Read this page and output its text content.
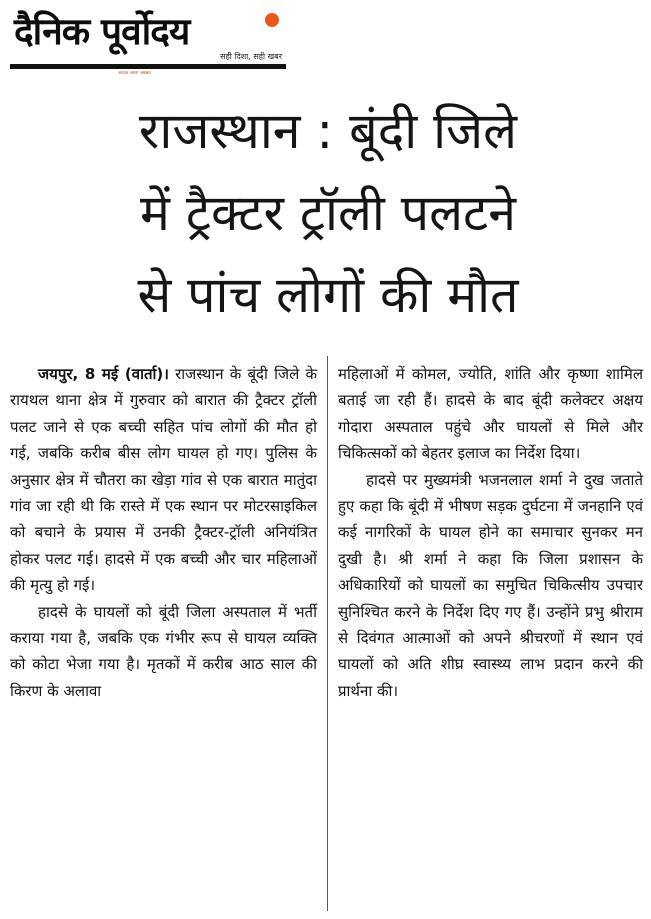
दैनिक पूर्वोदय
सही दिशा, सही खबर
आपका अपना अखबार
राजस्थान : बूंदी जिले
में ट्रैक्टर ट्रॉली पलटने
से पांच लोगों की मौत

जयपुर, 8 मई (वार्ता)। राजस्थान के बूंदी जिले के रायथल थाना क्षेत्र में गुरुवार को बारात की ट्रैक्टर ट्रॉली पलट जाने से एक बच्ची सहित पांच लोगों की मौत हो गई, जबकि करीब बीस लोग घायल हो गए। पुलिस के अनुसार क्षेत्र में चौतरा का खेड़ा गांव से एक बारात मातुंदा गांव जा रही थी कि रास्ते में एक स्थान पर मोटरसाइकिल को बचाने के प्रयास में उनकी ट्रैक्टर-ट्रॉली अनियंत्रित होकर पलट गई। हादसे में एक बच्ची और चार महिलाओं की मृत्यु हो गई।

हादसे के घायलों को बूंदी जिला अस्पताल में भर्ती कराया गया है, जबकि एक गंभीर रूप से घायल व्यक्ति को कोटा भेजा गया है। मृतकों में करीब आठ साल की किरण के अलावा

महिलाओं में कोमल, ज्योति, शांति और कृष्णा शामिल बताई जा रही हैं। हादसे के बाद बूंदी कलेक्टर अक्षय गोदारा अस्पताल पहुंचे और घायलों से मिले और चिकित्सकों को बेहतर इलाज का निर्देश दिया।

हादसे पर मुख्यमंत्री भजनलाल शर्मा ने दुख जताते हुए कहा कि बूंदी में भीषण सड़क दुर्घटना में जनहानि एवं कई नागरिकों के घायल होने का समाचार सुनकर मन दुखी है। श्री शर्मा ने कहा कि जिला प्रशासन के अधिकारियों को घायलों का समुचित चिकित्सीय उपचार सुनिश्चित करने के निर्देश दिए गए हैं। उन्होंने प्रभु श्रीराम से दिवंगत आत्माओं को अपने श्रीचरणों में स्थान एवं घायलों को अति शीघ्र स्वास्थ्य लाभ प्रदान करने की प्रार्थना की।
